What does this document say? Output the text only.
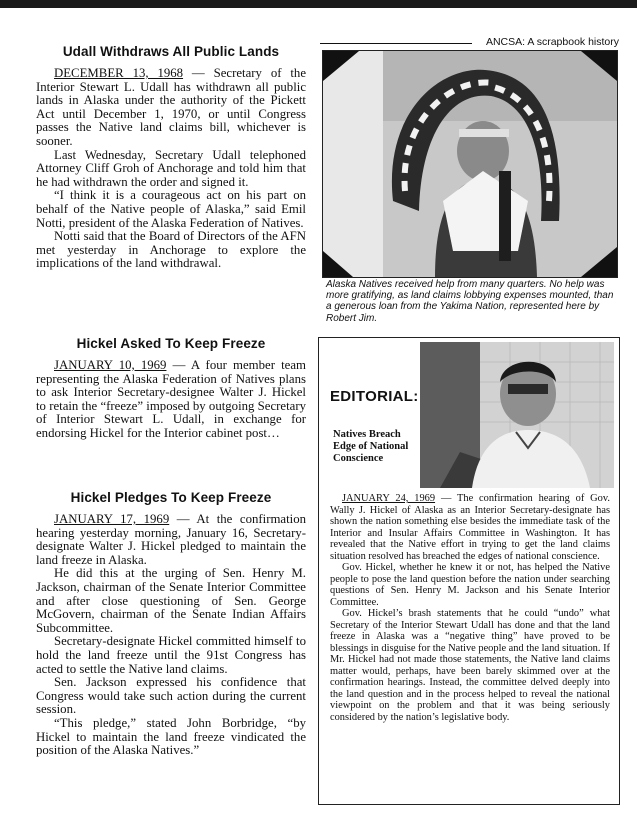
ANCSA: A scrapbook history
Udall Withdraws All Public Lands

DECEMBER 13, 1968 — Secretary of the Interior Stewart L. Udall has withdrawn all public lands in Alaska under the authority of the Pickett Act until December 1, 1970, or until Congress passes the Native land claims bill, whichever is sooner.

Last Wednesday, Secretary Udall telephoned Attorney Cliff Groh of Anchorage and told him that he had withdrawn the order and signed it.

“I think it is a courageous act on his part on behalf of the Native people of Alaska,” said Emil Notti, president of the Alaska Federation of Natives.

Notti said that the Board of Directors of the AFN met yesterday in Anchorage to explore the implications of the land withdrawal.

Hickel Asked To Keep Freeze

JANUARY 10, 1969 — A four member team representing the Alaska Federation of Natives plans to ask Interior Secretary-designee Walter J. Hickel to retain the “freeze” imposed by outgoing Secretary of Interior Stewart L. Udall, in exchange for endorsing Hickel for the Interior cabinet post…

Hickel Pledges To Keep Freeze

JANUARY 17, 1969 — At the confirmation hearing yesterday morning, January 16, Secretary-designate Walter J. Hickel pledged to maintain the land freeze in Alaska.

He did this at the urging of Sen. Henry M. Jackson, chairman of the Senate Interior Committee and after close questioning of Sen. George McGovern, chairman of the Senate Indian Affairs Subcommittee.

Secretary-designate Hickel committed himself to hold the land freeze until the 91st Congress has acted to settle the Native land claims.

Sen. Jackson expressed his confidence that Congress would take such action during the current session.

“This pledge,” stated John Borbridge, “by Hickel to maintain the land freeze vindicated the position of the Alaska Natives.”

Alaska Natives received help from many quarters. No help was more gratifying, as land claims lobbying expenses mounted, than a generous loan from the Yakima Nation, represented here by Robert Jim.
EDITORIAL:
Natives Breach Edge of National Conscience

JANUARY 24, 1969 — The confirmation hearing of Gov. Wally J. Hickel of Alaska as an Interior Secretary-designate has shown the nation something else besides the immediate task of the Interior and Insular Affairs Committee in Washington. It has revealed that the Native effort in trying to get the land claims situation resolved has breached the edges of national conscience.

Gov. Hickel, whether he knew it or not, has helped the Native people to pose the land question before the nation under searching questions of Sen. Henry M. Jackson and his Senate Interior Committee.

Gov. Hickel’s brash statements that he could “undo” what Secretary of the Interior Stewart Udall has done and that the land freeze in Alaska was a “negative thing” have proved to be blessings in disguise for the Native people and the land situation. If Mr. Hickel had not made those statements, the Native land claims matter would, perhaps, have been barely skimmed over at the confirmation hearings. Instead, the committee delved deeply into the land question and in the process helped to reveal the national viewpoint on the problem and that it was being seriously considered by the nation’s legislative body.
